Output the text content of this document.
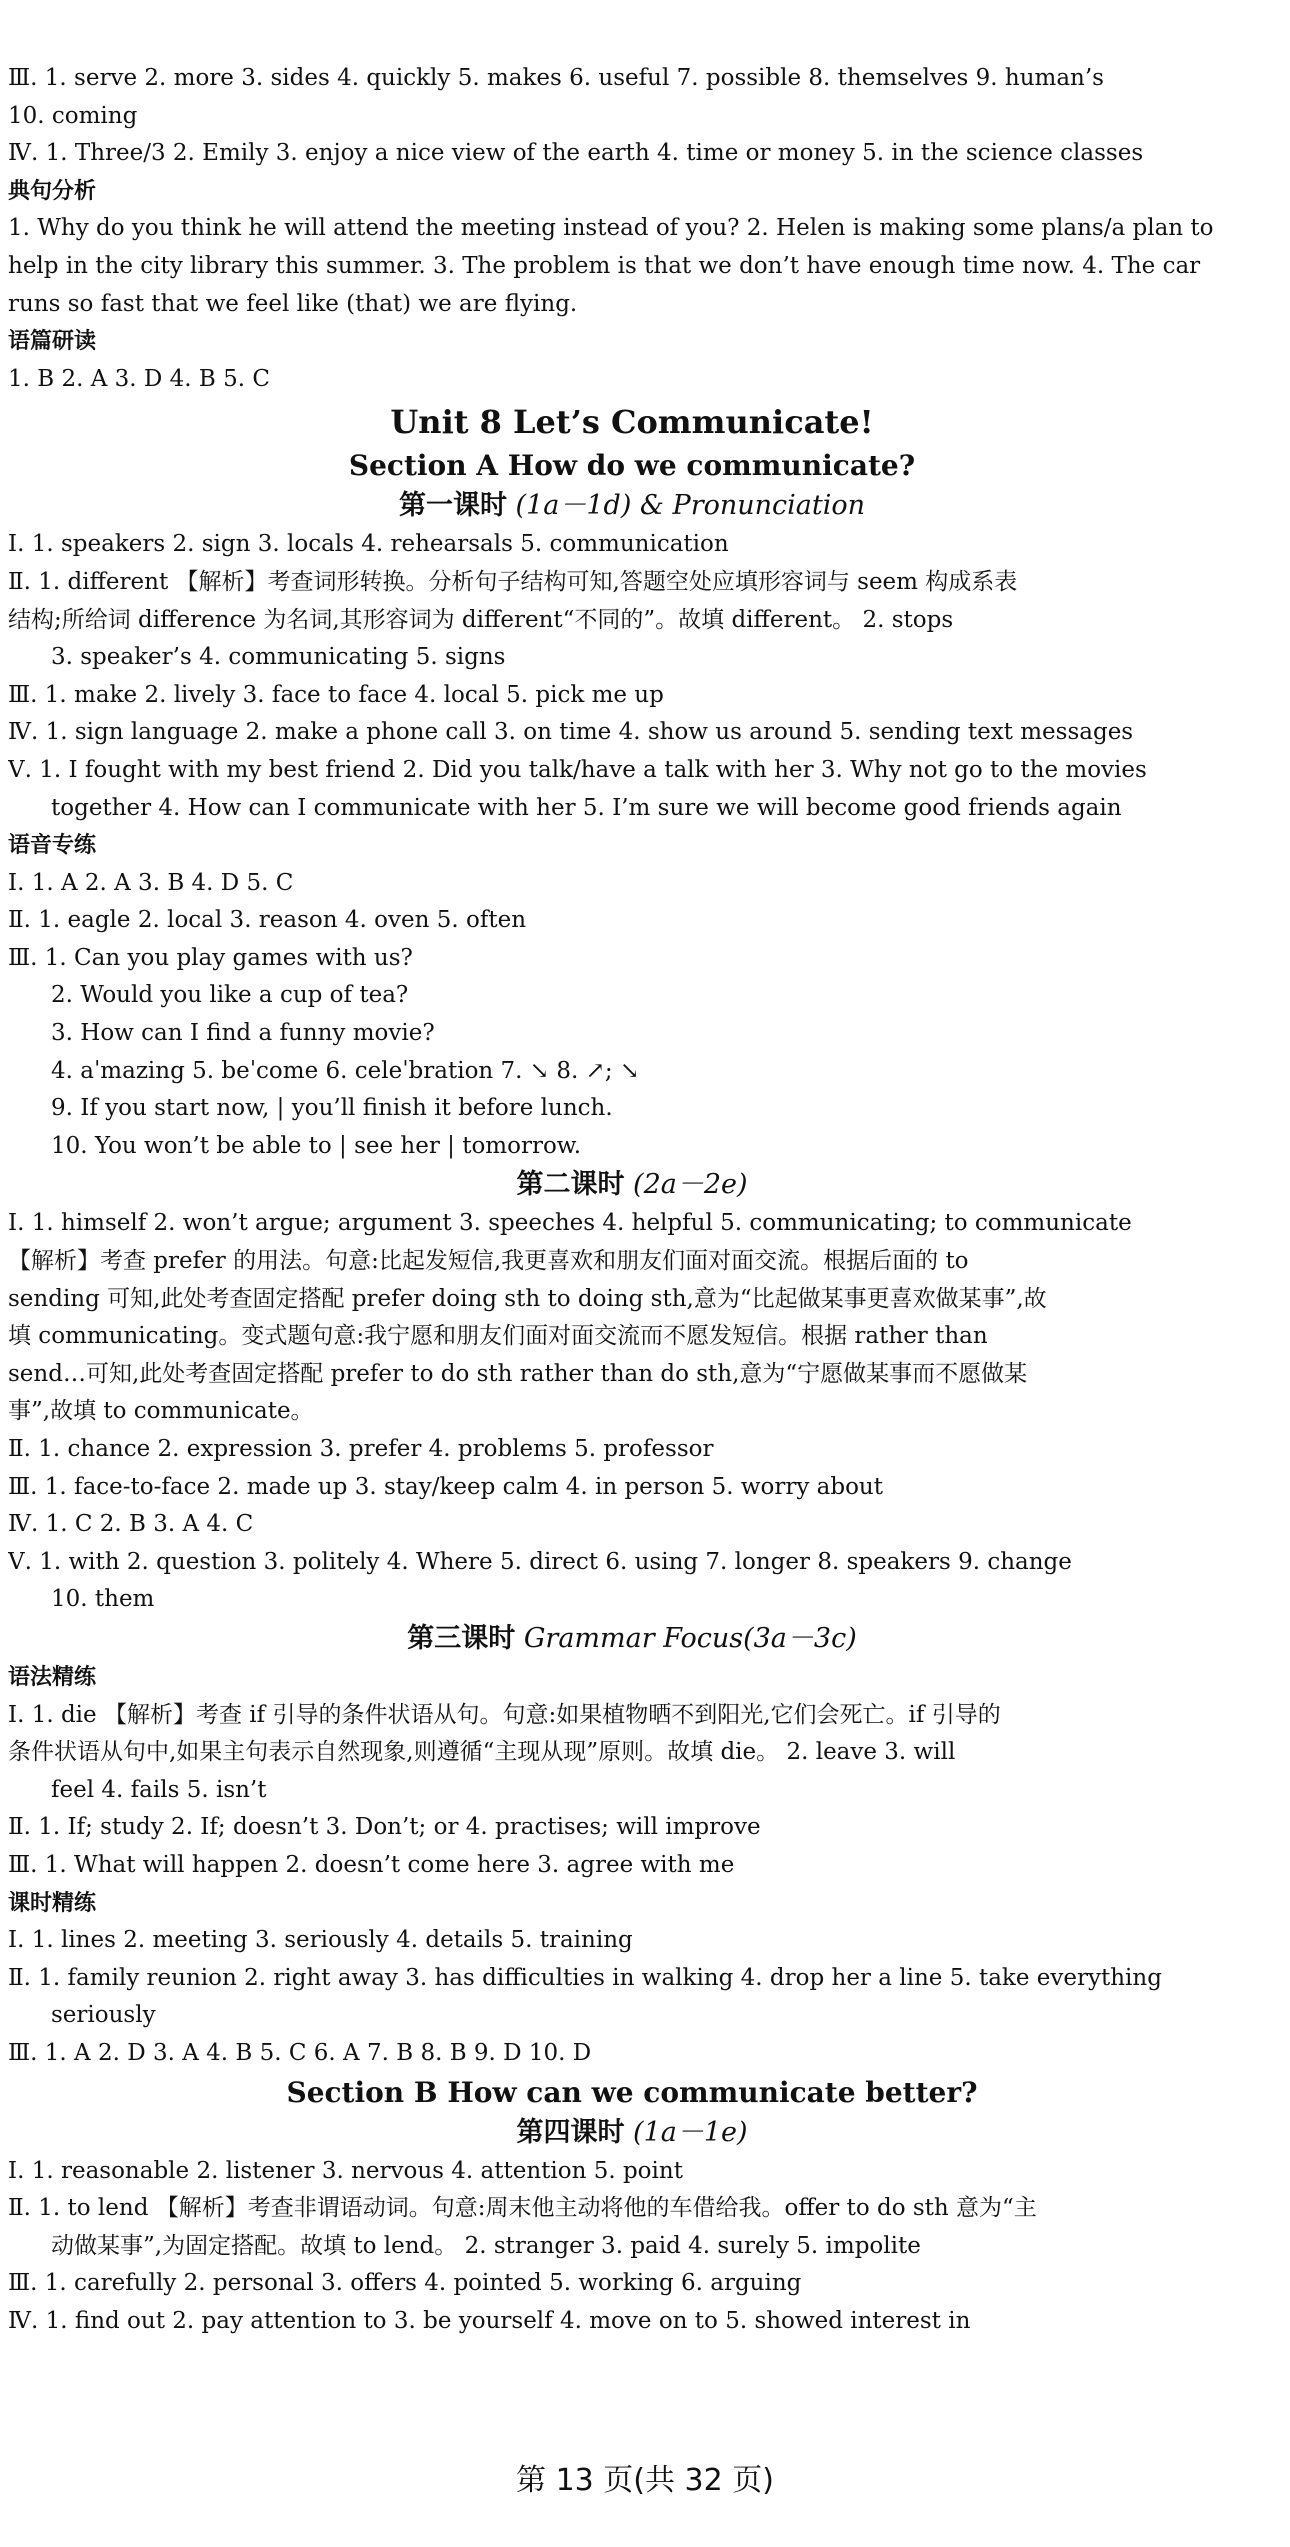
Ⅲ. 1. serve 2. more 3. sides 4. quickly 5. makes 6. useful 7. possible 8. themselves 9. human’s
10. coming
Ⅳ. 1. Three/3 2. Emily 3. enjoy a nice view of the earth 4. time or money 5. in the science classes
典句分析
1. Why do you think he will attend the meeting instead of you? 2. Helen is making some plans/a plan to
help in the city library this summer. 3. The problem is that we don’t have enough time now. 4. The car
runs so fast that we feel like (that) we are flying.
语篇研读
1. B 2. A 3. D 4. B 5. C
Unit 8 Let’s Communicate!
Section A How do we communicate?
第一课时 (1a－1d) & Pronunciation
Ⅰ. 1. speakers 2. sign 3. locals 4. rehearsals 5. communication
Ⅱ. 1. different 【解析】考查词形转换。分析句子结构可知,答题空处应填形容词与 seem 构成系表
结构;所给词 difference 为名词,其形容词为 different“不同的”。故填 different。 2. stops
3. speaker’s 4. communicating 5. signs
Ⅲ. 1. make 2. lively 3. face to face 4. local 5. pick me up
Ⅳ. 1. sign language 2. make a phone call 3. on time 4. show us around 5. sending text messages
Ⅴ. 1. I fought with my best friend 2. Did you talk/have a talk with her 3. Why not go to the movies
together 4. How can I communicate with her 5. I’m sure we will become good friends again
语音专练
Ⅰ. 1. A 2. A 3. B 4. D 5. C
Ⅱ. 1. eagle 2. local 3. reason 4. oven 5. often
Ⅲ. 1. Can you play games with us?
2. Would you like a cup of tea?
3. How can I find a funny movie?
4. aˈmazing 5. beˈcome 6. celeˈbration 7. ↘ 8. ↗; ↘
9. If you start now, | you’ll finish it before lunch.
10. You won’t be able to | see her | tomorrow.
第二课时 (2a－2e)
Ⅰ. 1. himself 2. won’t argue; argument 3. speeches 4. helpful 5. communicating; to communicate
【解析】考查 prefer 的用法。句意:比起发短信,我更喜欢和朋友们面对面交流。根据后面的 to
sending 可知,此处考查固定搭配 prefer doing sth to doing sth,意为“比起做某事更喜欢做某事”,故
填 communicating。变式题句意:我宁愿和朋友们面对面交流而不愿发短信。根据 rather than
send…可知,此处考查固定搭配 prefer to do sth rather than do sth,意为“宁愿做某事而不愿做某
事”,故填 to communicate。
Ⅱ. 1. chance 2. expression 3. prefer 4. problems 5. professor
Ⅲ. 1. face-to-face 2. made up 3. stay/keep calm 4. in person 5. worry about
Ⅳ. 1. C 2. B 3. A 4. C
Ⅴ. 1. with 2. question 3. politely 4. Where 5. direct 6. using 7. longer 8. speakers 9. change
10. them
第三课时 Grammar Focus(3a－3c)
语法精练
Ⅰ. 1. die 【解析】考查 if 引导的条件状语从句。句意:如果植物晒不到阳光,它们会死亡。if 引导的
条件状语从句中,如果主句表示自然现象,则遵循“主现从现”原则。故填 die。 2. leave 3. will
feel 4. fails 5. isn’t
Ⅱ. 1. If; study 2. If; doesn’t 3. Don’t; or 4. practises; will improve
Ⅲ. 1. What will happen 2. doesn’t come here 3. agree with me
课时精练
Ⅰ. 1. lines 2. meeting 3. seriously 4. details 5. training
Ⅱ. 1. family reunion 2. right away 3. has difficulties in walking 4. drop her a line 5. take everything
seriously
Ⅲ. 1. A 2. D 3. A 4. B 5. C 6. A 7. B 8. B 9. D 10. D
Section B How can we communicate better?
第四课时 (1a－1e)
Ⅰ. 1. reasonable 2. listener 3. nervous 4. attention 5. point
Ⅱ. 1. to lend 【解析】考查非谓语动词。句意:周末他主动将他的车借给我。offer to do sth 意为“主
动做某事”,为固定搭配。故填 to lend。 2. stranger 3. paid 4. surely 5. impolite
Ⅲ. 1. carefully 2. personal 3. offers 4. pointed 5. working 6. arguing
Ⅳ. 1. find out 2. pay attention to 3. be yourself 4. move on to 5. showed interest in
第 13 页(共 32 页)
